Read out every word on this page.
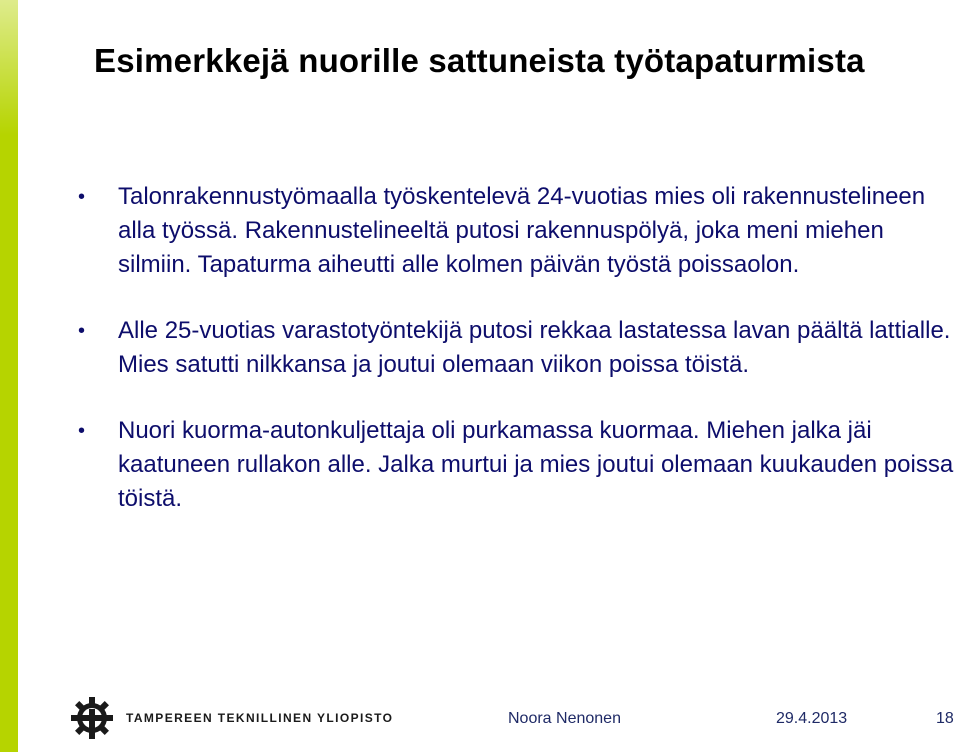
Esimerkkejä nuorille sattuneista työtapaturmista
• Talonrakennustyömaalla työskentelevä 24-vuotias mies oli rakennustelineen alla työssä. Rakennustelineeltä putosi rakennuspölyä, joka meni miehen silmiin. Tapaturma aiheutti alle kolmen päivän työstä poissaolon.
• Alle 25-vuotias varastotyöntekijä putosi rekkaa lastatessa lavan päältä lattialle. Mies satutti nilkkansa ja joutui olemaan viikon poissa töistä.
• Nuori kuorma-autonkuljettaja oli purkamassa kuormaa. Miehen jalka jäi kaatuneen rullakon alle. Jalka murtui ja mies joutui olemaan kuukauden poissa töistä.
TAMPEREEN TEKNILLINEN YLIOPISTO	Noora Nenonen	29.4.2013	18
